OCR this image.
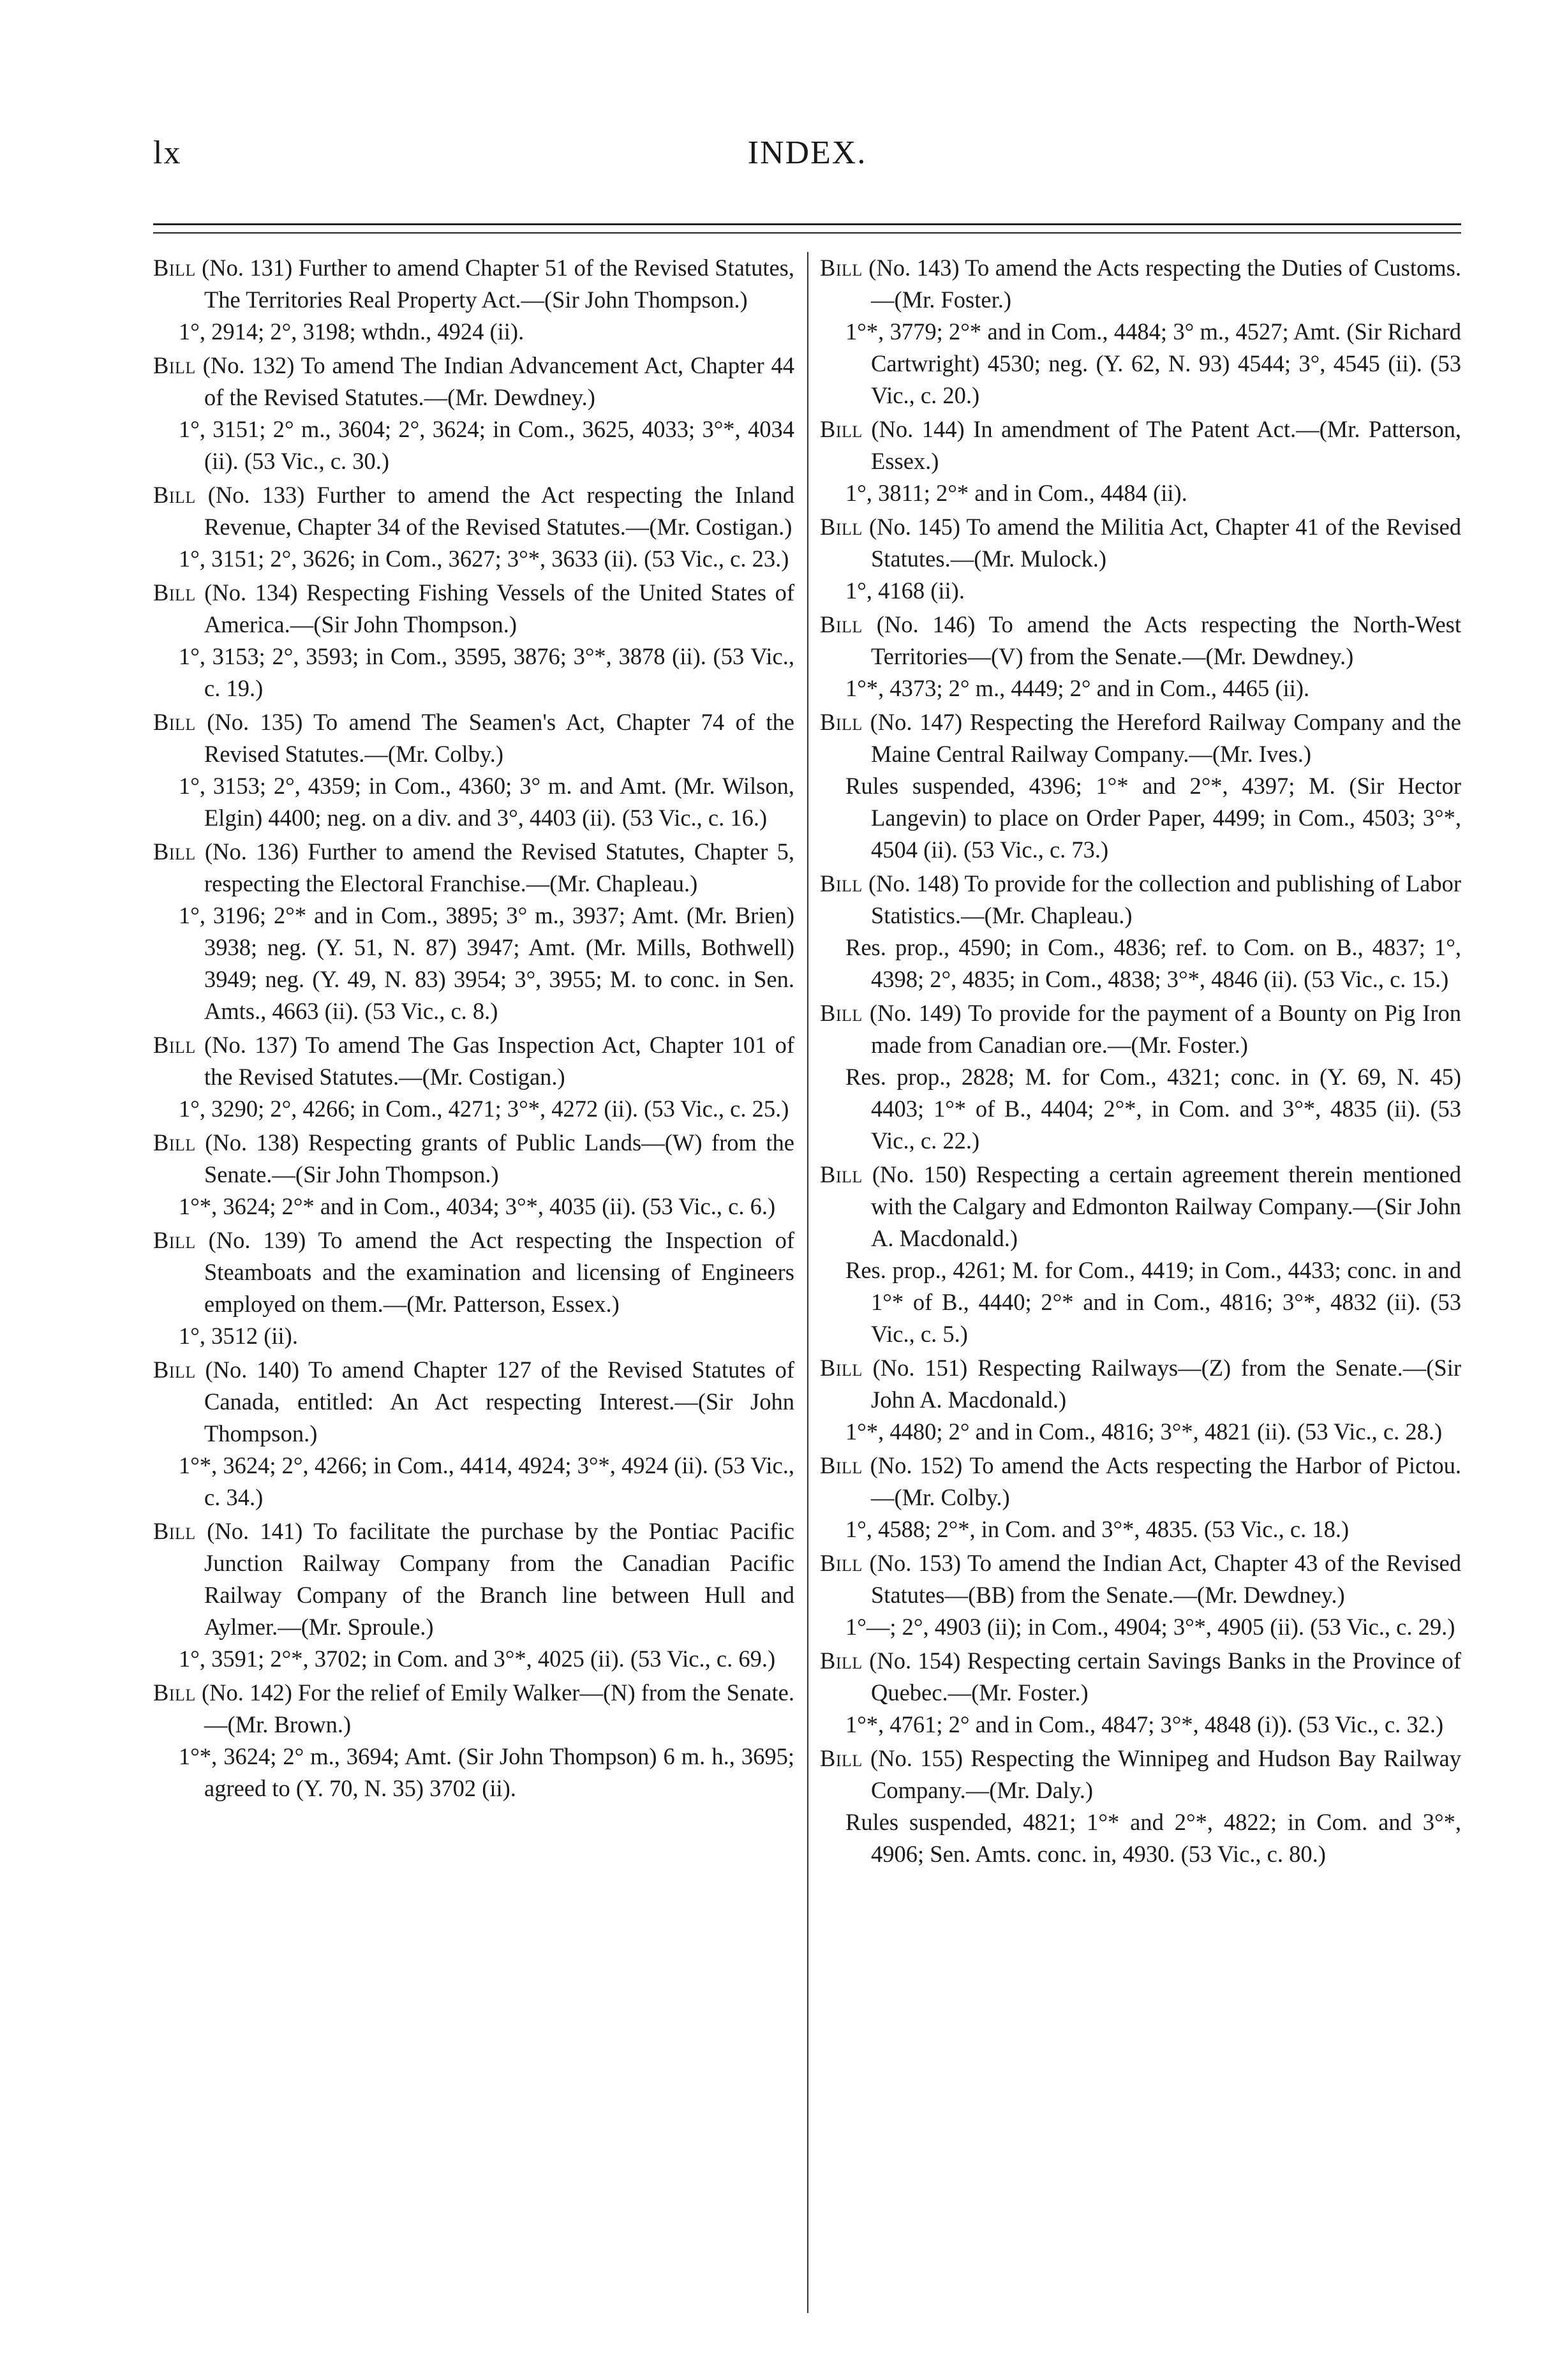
lx	INDEX.
Bill (No. 131) Further to amend Chapter 51 of the Revised Statutes, The Territories Real Property Act.—(Sir John Thompson.)
1°, 2914; 2°, 3198; wthdn., 4924 (ii).
Bill (No. 132) To amend The Indian Advancement Act, Chapter 44 of the Revised Statutes.—(Mr. Dewdney.)
1°, 3151; 2° m., 3604; 2°, 3624; in Com., 3625, 4033; 3°*, 4034 (ii). (53 Vic., c. 30.)
Bill (No. 133) Further to amend the Act respecting the Inland Revenue, Chapter 34 of the Revised Statutes.—(Mr. Costigan.)
1°, 3151; 2°, 3626; in Com., 3627; 3°*, 3633 (ii). (53 Vic., c. 23.)
Bill (No. 134) Respecting Fishing Vessels of the United States of America.—(Sir John Thompson.)
1°, 3153; 2°, 3593; in Com., 3595, 3876; 3°*, 3878 (ii). (53 Vic., c. 19.)
Bill (No. 135) To amend The Seamen's Act, Chapter 74 of the Revised Statutes.—(Mr. Colby.)
1°, 3153; 2°, 4359; in Com., 4360; 3° m. and Amt. (Mr. Wilson, Elgin) 4400; neg. on a div. and 3°, 4403 (ii). (53 Vic., c. 16.)
Bill (No. 136) Further to amend the Revised Statutes, Chapter 5, respecting the Electoral Franchise.—(Mr. Chapleau.)
1°, 3196; 2°* and in Com., 3895; 3° m., 3937; Amt. (Mr. Brien) 3938; neg. (Y. 51, N. 87) 3947; Amt. (Mr. Mills, Bothwell) 3949; neg. (Y. 49, N. 83) 3954; 3°, 3955; M. to conc. in Sen. Amts., 4663 (ii). (53 Vic., c. 8.)
Bill (No. 137) To amend The Gas Inspection Act, Chapter 101 of the Revised Statutes.—(Mr. Costigan.)
1°, 3290; 2°, 4266; in Com., 4271; 3°*, 4272 (ii). (53 Vic., c. 25.)
Bill (No. 138) Respecting grants of Public Lands—(W) from the Senate.—(Sir John Thompson.)
1°*, 3624; 2°* and in Com., 4034; 3°*, 4035 (ii). (53 Vic., c. 6.)
Bill (No. 139) To amend the Act respecting the Inspection of Steamboats and the examination and licensing of Engineers employed on them.—(Mr. Patterson, Essex.)
1°, 3512 (ii).
Bill (No. 140) To amend Chapter 127 of the Revised Statutes of Canada, entitled: An Act respecting Interest.—(Sir John Thompson.)
1°*, 3624; 2°, 4266; in Com., 4414, 4924; 3°*, 4924 (ii). (53 Vic., c. 34.)
Bill (No. 141) To facilitate the purchase by the Pontiac Pacific Junction Railway Company from the Canadian Pacific Railway Company of the Branch line between Hull and Aylmer.—(Mr. Sproule.)
1°, 3591; 2°*, 3702; in Com. and 3°*, 4025 (ii). (53 Vic., c. 69.)
Bill (No. 142) For the relief of Emily Walker—(N) from the Senate.—(Mr. Brown.)
1°*, 3624; 2° m., 3694; Amt. (Sir John Thompson) 6 m. h., 3695; agreed to (Y. 70, N. 35) 3702 (ii).
Bill (No. 143) To amend the Acts respecting the Duties of Customs.—(Mr. Foster.)
1°*, 3779; 2°* and in Com., 4484; 3° m., 4527; Amt. (Sir Richard Cartwright) 4530; neg. (Y. 62, N. 93) 4544; 3°, 4545 (ii). (53 Vic., c. 20.)
Bill (No. 144) In amendment of The Patent Act.—(Mr. Patterson, Essex.)
1°, 3811; 2°* and in Com., 4484 (ii).
Bill (No. 145) To amend the Militia Act, Chapter 41 of the Revised Statutes.—(Mr. Mulock.)
1°, 4168 (ii).
Bill (No. 146) To amend the Acts respecting the North-West Territories—(V) from the Senate.—(Mr. Dewdney.)
1°*, 4373; 2° m., 4449; 2° and in Com., 4465 (ii).
Bill (No. 147) Respecting the Hereford Railway Company and the Maine Central Railway Company.—(Mr. Ives.)
Rules suspended, 4396; 1°* and 2°*, 4397; M. (Sir Hector Langevin) to place on Order Paper, 4499; in Com., 4503; 3°*, 4504 (ii). (53 Vic., c. 73.)
Bill (No. 148) To provide for the collection and publishing of Labor Statistics.—(Mr. Chapleau.)
Res. prop., 4590; in Com., 4836; ref. to Com. on B., 4837; 1°, 4398; 2°, 4835; in Com., 4838; 3°*, 4846 (ii). (53 Vic., c. 15.)
Bill (No. 149) To provide for the payment of a Bounty on Pig Iron made from Canadian ore.—(Mr. Foster.)
Res. prop., 2828; M. for Com., 4321; conc. in (Y. 69, N. 45) 4403; 1°* of B., 4404; 2°*, in Com. and 3°*, 4835 (ii). (53 Vic., c. 22.)
Bill (No. 150) Respecting a certain agreement therein mentioned with the Calgary and Edmonton Railway Company.—(Sir John A. Macdonald.)
Res. prop., 4261; M. for Com., 4419; in Com., 4433; conc. in and 1°* of B., 4440; 2°* and in Com., 4816; 3°*, 4832 (ii). (53 Vic., c. 5.)
Bill (No. 151) Respecting Railways—(Z) from the Senate.—(Sir John A. Macdonald.)
1°*, 4480; 2° and in Com., 4816; 3°*, 4821 (ii). (53 Vic., c. 28.)
Bill (No. 152) To amend the Acts respecting the Harbor of Pictou.—(Mr. Colby.)
1°, 4588; 2°*, in Com. and 3°*, 4835. (53 Vic., c. 18.)
Bill (No. 153) To amend the Indian Act, Chapter 43 of the Revised Statutes—(BB) from the Senate.—(Mr. Dewdney.)
1°—; 2°, 4903 (ii); in Com., 4904; 3°*, 4905 (ii). (53 Vic., c. 29.)
Bill (No. 154) Respecting certain Savings Banks in the Province of Quebec.—(Mr. Foster.)
1°*, 4761; 2° and in Com., 4847; 3°*, 4848 (i)). (53 Vic., c. 32.)
Bill (No. 155) Respecting the Winnipeg and Hudson Bay Railway Company.—(Mr. Daly.)
Rules suspended, 4821; 1°* and 2°*, 4822; in Com. and 3°*, 4906; Sen. Amts. conc. in, 4930. (53 Vic., c. 80.)
